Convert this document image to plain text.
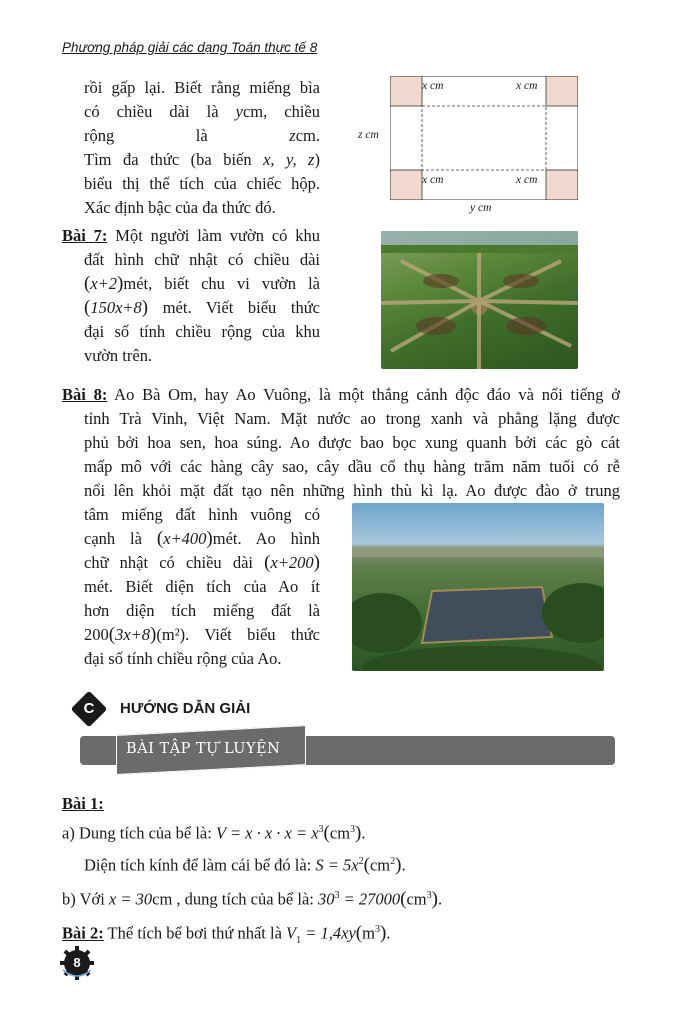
Phương pháp giải các dạng Toán thực tế 8
rồi gấp lại. Biết rằng miếng bìa
có chiều dài là ycm, chiều
rộng là zcm.
Tìm đa thức (ba biến x, y, z)
biểu thị thể tích của chiếc hộp.
Xác định bậc của đa thức đó.
x cm	x cm
x cm	x cm
z cm
y cm
Bài 7: Một người làm vườn có khu
đất hình chữ nhật có chiều dài
(x+2)mét, biết chu vi vườn là
(150x+8) mét. Viết biểu thức
đại số tính chiều rộng của khu
vườn trên.
Bài 8: Ao Bà Om, hay Ao Vuông, là một thắng cảnh độc đáo và nổi tiếng ở
tỉnh Trà Vinh, Việt Nam. Mặt nước ao trong xanh và phẳng lặng được
phủ bởi hoa sen, hoa súng. Ao được bao bọc xung quanh bởi các gò cát
mấp mô với các hàng cây sao, cây dầu cổ thụ hàng trăm năm tuổi có rễ
nổi lên khỏi mặt đất tạo nên những hình thù kì lạ. Ao được đào ở trung
tâm miếng đất hình vuông có
cạnh là (x+400)mét. Ao hình
chữ nhật có chiều dài (x+200)
mét. Biết diện tích của Ao ít
hơn diện tích miếng đất là
200(3x+8)(m²). Viết biểu thức
đại số tính chiều rộng của Ao.
C	HƯỚNG DẪN GIẢI
BÀI TẬP TỰ LUYỆN
Bài 1:
a) Dung tích của bể là: $V = x \cdot x \cdot x = x^3(cm^3)$.
Diện tích kính để làm cái bể đó là: $S = 5x^2(cm^2)$.
b) Với x = 30cm , dung tích của bể là: $30^3 = 27000(cm^3)$.
Bài 2: Thể tích bể bơi thứ nhất là $V_1 = 1,4xy(m^3)$.
8
